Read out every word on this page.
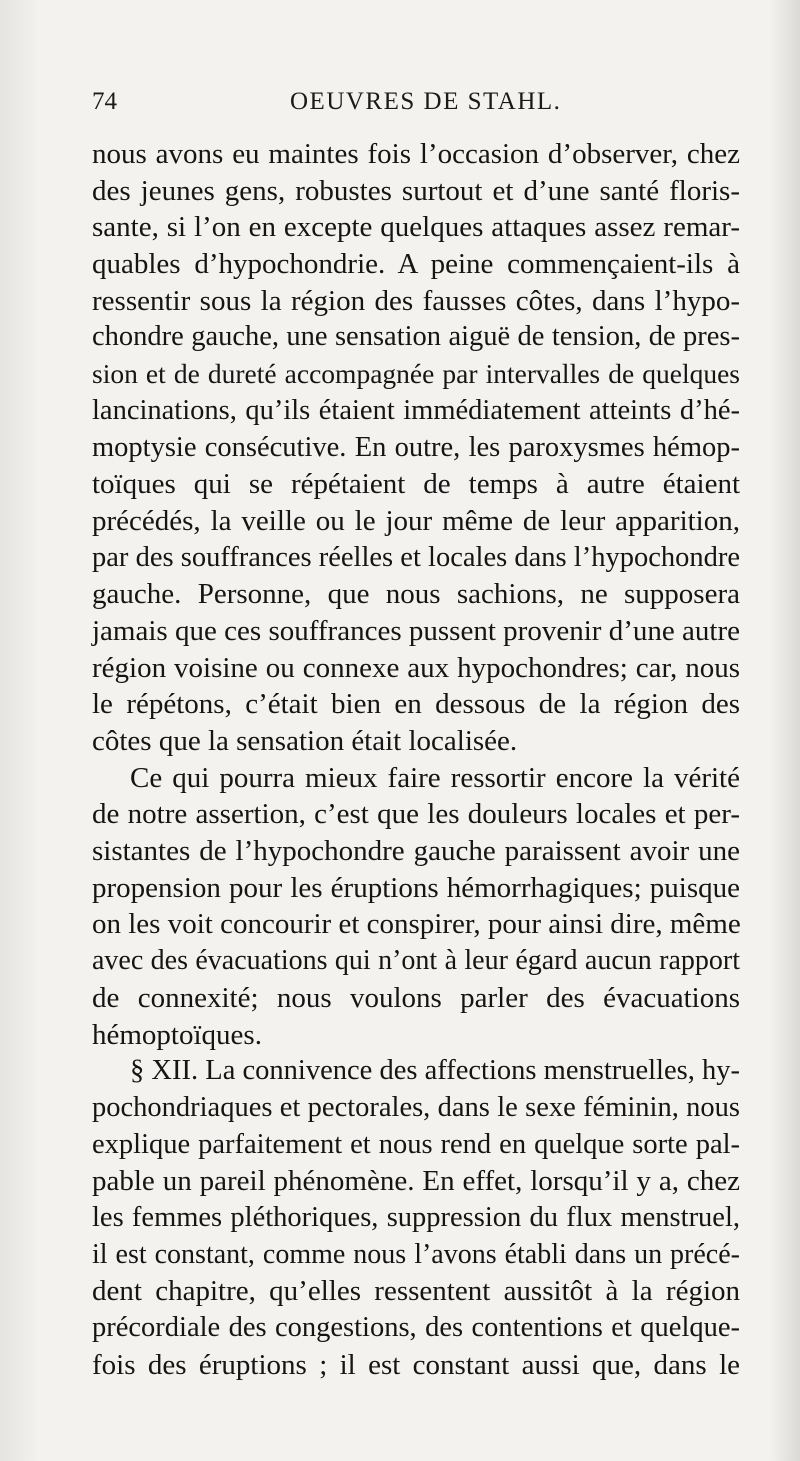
74	OEUVRES DE STAHL.
nous avons eu maintes fois l’occasion d’observer, chez
des jeunes gens, robustes surtout et d’une santé floris-
sante, si l’on en excepte quelques attaques assez remar-
quables d’hypochondrie. A peine commençaient-ils à
ressentir sous la région des fausses côtes, dans l’hypo-
chondre gauche, une sensation aiguë de tension, de pres-
sion et de dureté accompagnée par intervalles de quelques
lancinations, qu’ils étaient immédiatement atteints d’hé-
moptysie consécutive. En outre, les paroxysmes hémop-
toïques qui se répétaient de temps à autre étaient
précédés, la veille ou le jour même de leur apparition,
par des souffrances réelles et locales dans l’hypochondre
gauche. Personne, que nous sachions, ne supposera
jamais que ces souffrances pussent provenir d’une autre
région voisine ou connexe aux hypochondres; car, nous
le répétons, c’était bien en dessous de la région des
côtes que la sensation était localisée.
Ce qui pourra mieux faire ressortir encore la vérité
de notre assertion, c’est que les douleurs locales et per-
sistantes de l’hypochondre gauche paraissent avoir une
propension pour les éruptions hémorrhagiques; puisque
on les voit concourir et conspirer, pour ainsi dire, même
avec des évacuations qui n’ont à leur égard aucun rapport
de connexité; nous voulons parler des évacuations
hémoptoïques.
§ XII. La connivence des affections menstruelles, hy-
pochondriaques et pectorales, dans le sexe féminin, nous
explique parfaitement et nous rend en quelque sorte pal-
pable un pareil phénomène. En effet, lorsqu’il y a, chez
les femmes pléthoriques, suppression du flux menstruel,
il est constant, comme nous l’avons établi dans un précé-
dent chapitre, qu’elles ressentent aussitôt à la région
précordiale des congestions, des contentions et quelque-
fois des éruptions ; il est constant aussi que, dans le
